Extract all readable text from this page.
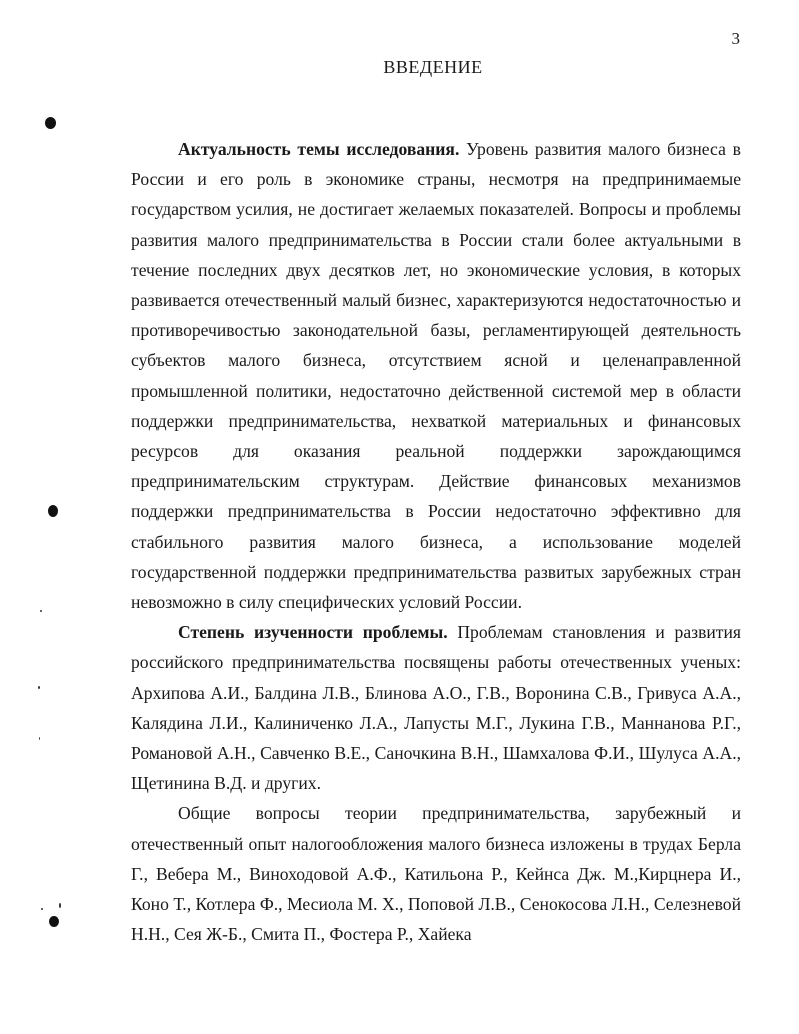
3
ВВЕДЕНИЕ

Актуальность темы исследования. Уровень развития малого бизнеса в России и его роль в экономике страны, несмотря на предпринимаемые государством усилия, не достигает желаемых показателей. Вопросы и проблемы развития малого предпринимательства в России стали более актуальными в течение последних двух десятков лет, но экономические условия, в которых развивается отечественный малый бизнес, характеризуются недостаточностью и противоречивостью законодательной базы, регламентирующей деятельность субъектов малого бизнеса, отсутствием ясной и целенаправленной промышленной политики, недостаточно действенной системой мер в области поддержки предпринимательства, нехваткой материальных и финансовых ресурсов для оказания реальной поддержки зарождающимся предпринимательским структурам. Действие финансовых механизмов поддержки предпринимательства в России недостаточно эффективно для стабильного развития малого бизнеса, а использование моделей государственной поддержки предпринимательства развитых зарубежных стран невозможно в силу специфических условий России.

Степень изученности проблемы. Проблемам становления и развития российского предпринимательства посвящены работы отечественных ученых: Архипова А.И., Балдина Л.В., Блинова А.О., Г.В., Воронина С.В., Гривуса А.А., Калядина Л.И., Калиниченко Л.А., Лапусты М.Г., Лукина Г.В., Маннанова Р.Г., Романовой А.Н., Савченко В.Е., Саночкина В.Н., Шамхалова Ф.И., Шулуса А.А., Щетинина В.Д. и других.

Общие вопросы теории предпринимательства, зарубежный и отечественный опыт налогообложения малого бизнеса изложены в трудах Берла Г., Вебера М., Виноходовой А.Ф., Катильона Р., Кейнса Дж. М.,Кирцнера И., Коно Т., Котлера Ф., Месиола М. Х., Поповой Л.В., Сенокосова Л.Н., Селезневой Н.Н., Сея Ж-Б., Смита П., Фостера Р., Хайека
